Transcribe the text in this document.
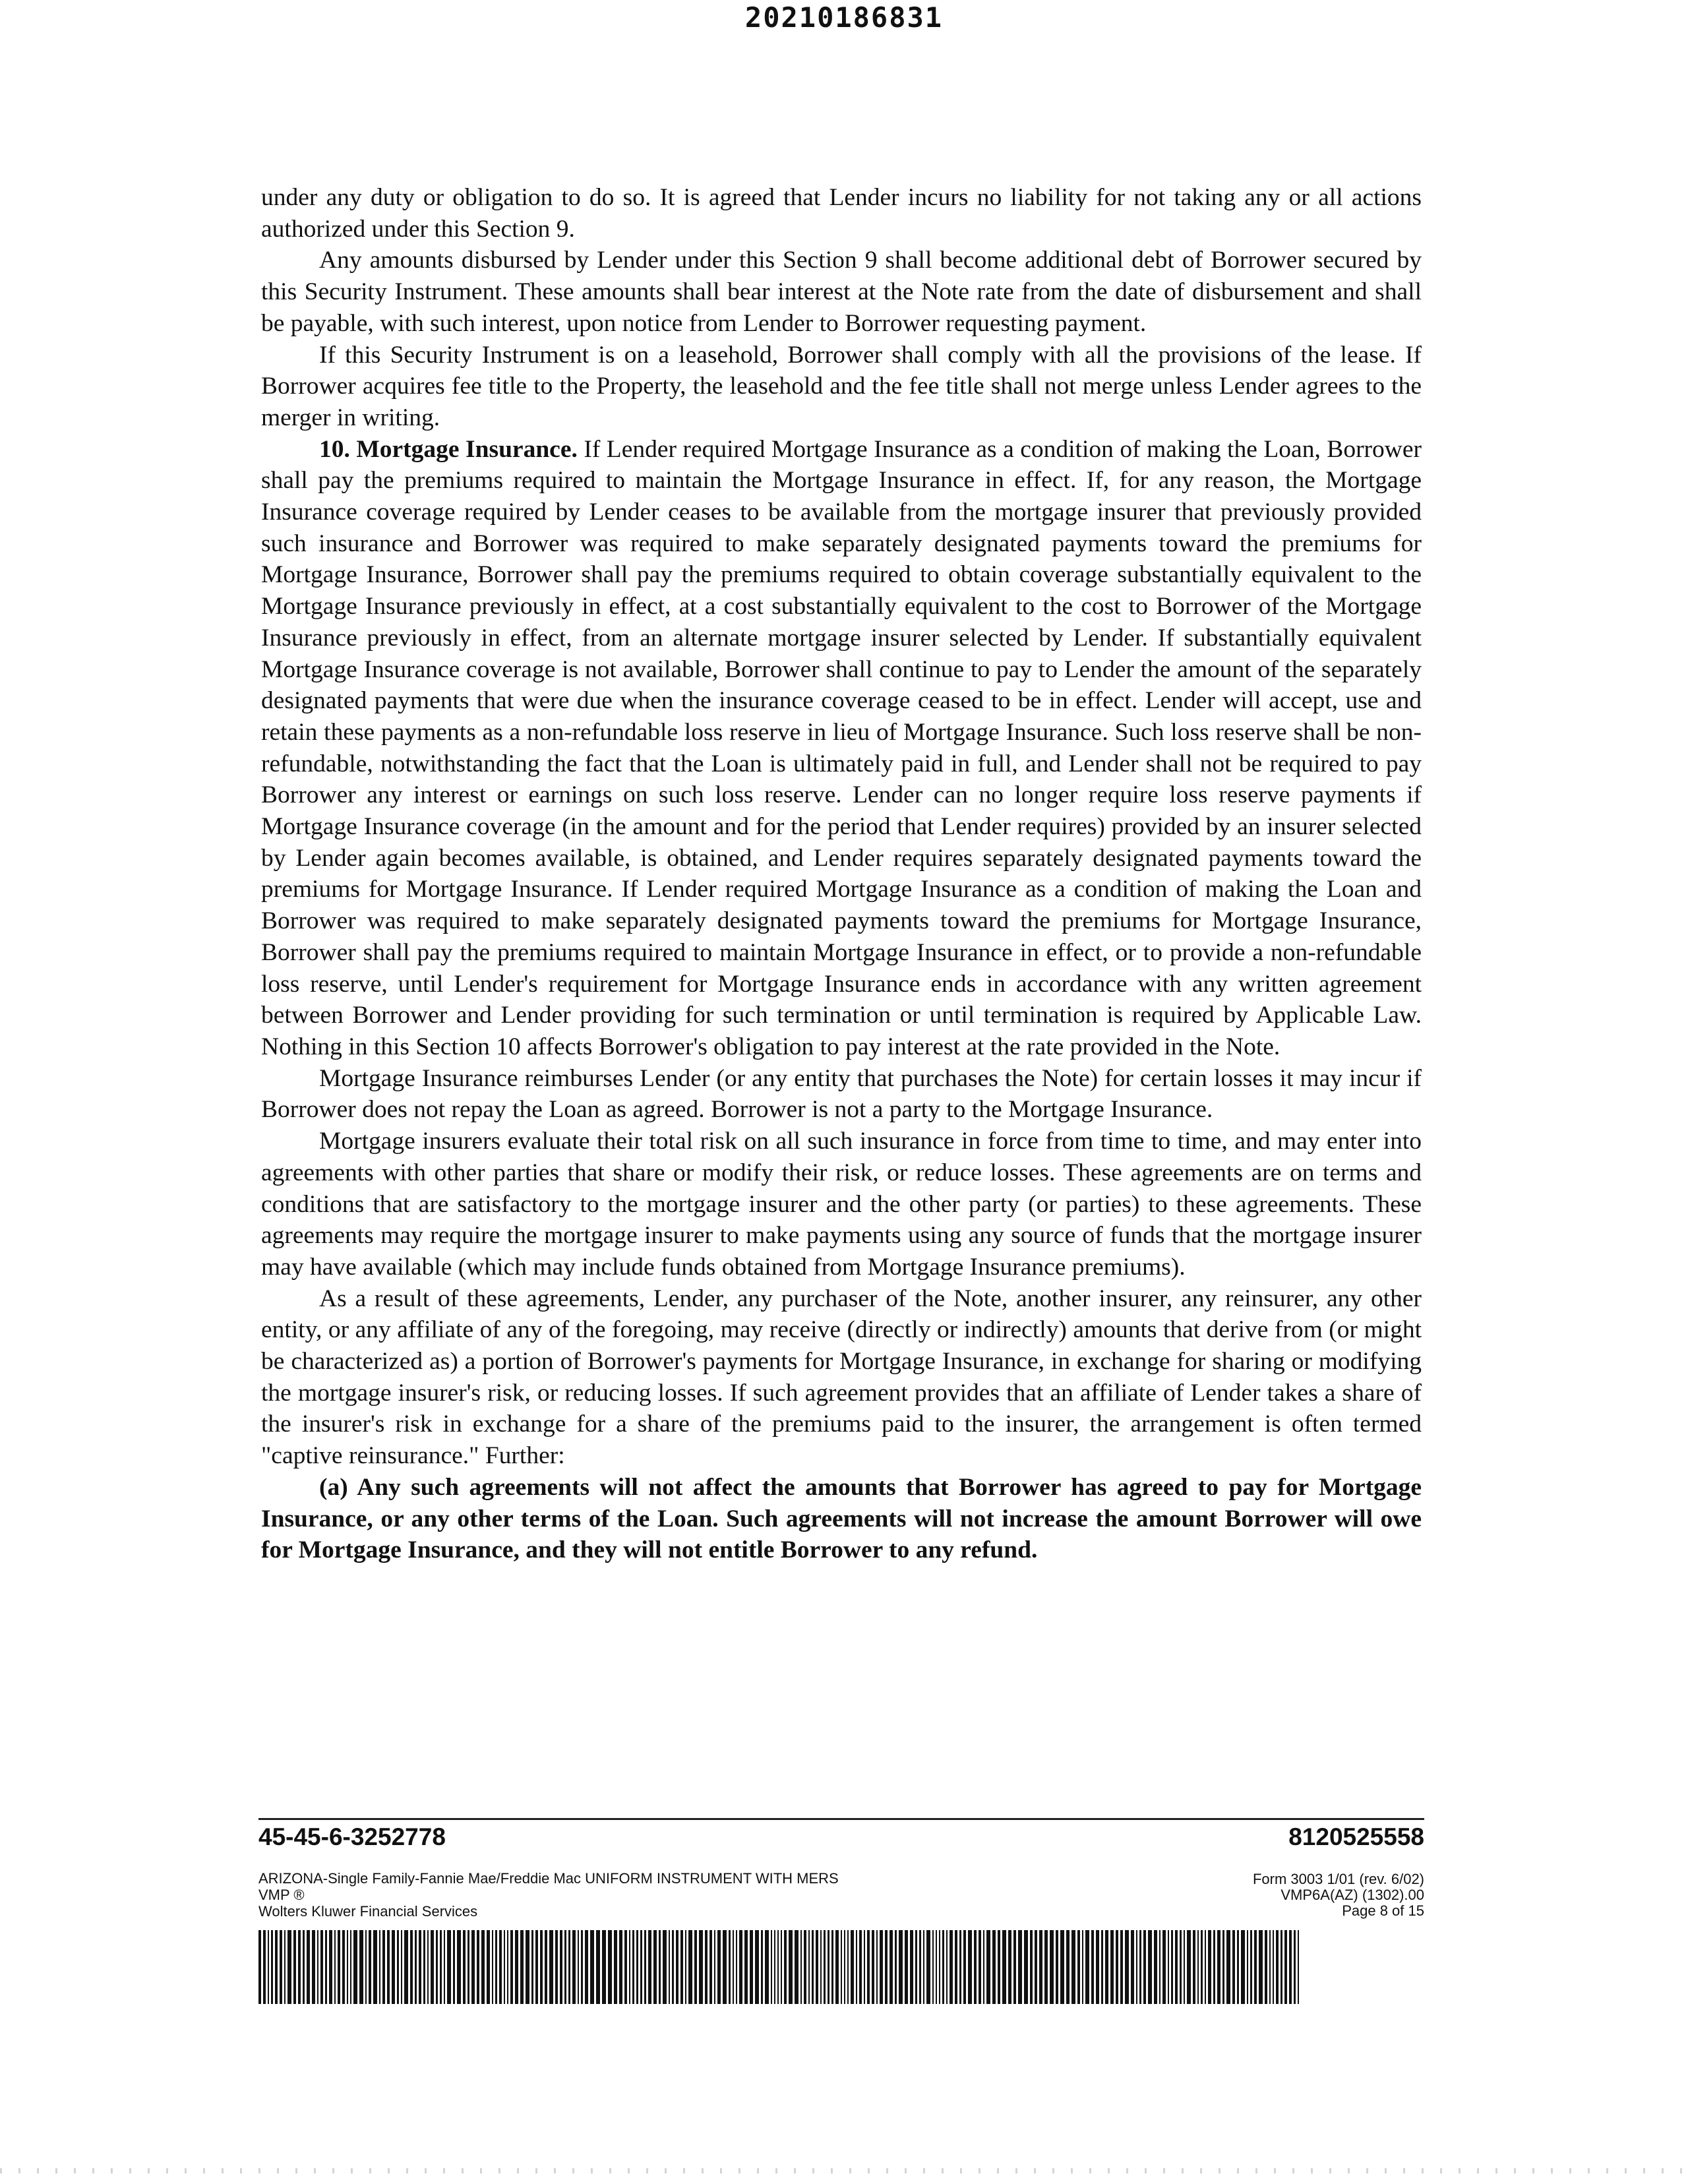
20210186831

under any duty or obligation to do so. It is agreed that Lender incurs no liability for not taking any or all actions authorized under this Section 9.

Any amounts disbursed by Lender under this Section 9 shall become additional debt of Borrower secured by this Security Instrument. These amounts shall bear interest at the Note rate from the date of disbursement and shall be payable, with such interest, upon notice from Lender to Borrower requesting payment.

If this Security Instrument is on a leasehold, Borrower shall comply with all the provisions of the lease. If Borrower acquires fee title to the Property, the leasehold and the fee title shall not merge unless Lender agrees to the merger in writing.

10. Mortgage Insurance. If Lender required Mortgage Insurance as a condition of making the Loan, Borrower shall pay the premiums required to maintain the Mortgage Insurance in effect. If, for any reason, the Mortgage Insurance coverage required by Lender ceases to be available from the mortgage insurer that previously provided such insurance and Borrower was required to make separately designated payments toward the premiums for Mortgage Insurance, Borrower shall pay the premiums required to obtain coverage substantially equivalent to the Mortgage Insurance previously in effect, at a cost substantially equivalent to the cost to Borrower of the Mortgage Insurance previously in effect, from an alternate mortgage insurer selected by Lender. If substantially equivalent Mortgage Insurance coverage is not available, Borrower shall continue to pay to Lender the amount of the separately designated payments that were due when the insurance coverage ceased to be in effect. Lender will accept, use and retain these payments as a non-refundable loss reserve in lieu of Mortgage Insurance. Such loss reserve shall be non-refundable, notwithstanding the fact that the Loan is ultimately paid in full, and Lender shall not be required to pay Borrower any interest or earnings on such loss reserve. Lender can no longer require loss reserve payments if Mortgage Insurance coverage (in the amount and for the period that Lender requires) provided by an insurer selected by Lender again becomes available, is obtained, and Lender requires separately designated payments toward the premiums for Mortgage Insurance. If Lender required Mortgage Insurance as a condition of making the Loan and Borrower was required to make separately designated payments toward the premiums for Mortgage Insurance, Borrower shall pay the premiums required to maintain Mortgage Insurance in effect, or to provide a non-refundable loss reserve, until Lender's requirement for Mortgage Insurance ends in accordance with any written agreement between Borrower and Lender providing for such termination or until termination is required by Applicable Law. Nothing in this Section 10 affects Borrower's obligation to pay interest at the rate provided in the Note.

Mortgage Insurance reimburses Lender (or any entity that purchases the Note) for certain losses it may incur if Borrower does not repay the Loan as agreed. Borrower is not a party to the Mortgage Insurance.

Mortgage insurers evaluate their total risk on all such insurance in force from time to time, and may enter into agreements with other parties that share or modify their risk, or reduce losses. These agreements are on terms and conditions that are satisfactory to the mortgage insurer and the other party (or parties) to these agreements. These agreements may require the mortgage insurer to make payments using any source of funds that the mortgage insurer may have available (which may include funds obtained from Mortgage Insurance premiums).

As a result of these agreements, Lender, any purchaser of the Note, another insurer, any reinsurer, any other entity, or any affiliate of any of the foregoing, may receive (directly or indirectly) amounts that derive from (or might be characterized as) a portion of Borrower's payments for Mortgage Insurance, in exchange for sharing or modifying the mortgage insurer's risk, or reducing losses. If such agreement provides that an affiliate of Lender takes a share of the insurer's risk in exchange for a share of the premiums paid to the insurer, the arrangement is often termed "captive reinsurance." Further:

(a) Any such agreements will not affect the amounts that Borrower has agreed to pay for Mortgage Insurance, or any other terms of the Loan. Such agreements will not increase the amount Borrower will owe for Mortgage Insurance, and they will not entitle Borrower to any refund.

45-45-6-3252778	8120525558
ARIZONA-Single Family-Fannie Mae/Freddie Mac UNIFORM INSTRUMENT WITH MERS
VMP ®
Wolters Kluwer Financial Services
Form 3003 1/01 (rev. 6/02)
VMP6A(AZ) (1302).00
Page 8 of 15
